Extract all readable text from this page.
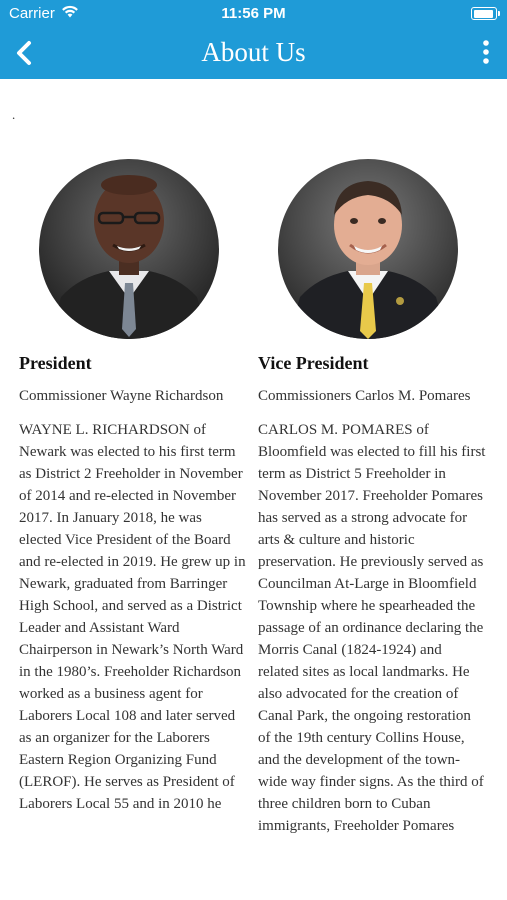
Carrier	11:56 PM
About Us
.
President
Commissioner Wayne Richardson
WAYNE L. RICHARDSON of Newark was elected to his first term as District 2 Freeholder in November of 2014 and re-elected in November 2017. In January 2018, he was elected Vice President of the Board and re-elected in 2019. He grew up in Newark, graduated from Barringer High School, and served as a District Leader and Assistant Ward Chairperson in Newark’s North Ward in the 1980’s. Freeholder Richardson worked as a business agent for Laborers Local 108 and later served as an organizer for the Laborers Eastern Region Organizing Fund (LEROF). He serves as President of Laborers Local 55 and in 2010 he
Vice President
Commissioners Carlos M. Pomares
CARLOS M. POMARES of Bloomfield was elected to fill his first term as District 5 Freeholder in November 2017. Freeholder Pomares has served as a strong advocate for arts & culture and historic preservation. He previously served as Councilman At-Large in Bloomfield Township where he spearheaded the passage of an ordinance declaring the Morris Canal (1824-1924) and related sites as local landmarks. He also advocated for the creation of Canal Park, the ongoing restoration of the 19th century Collins House, and the development of the town-wide way finder signs. As the third of three children born to Cuban immigrants, Freeholder Pomares
